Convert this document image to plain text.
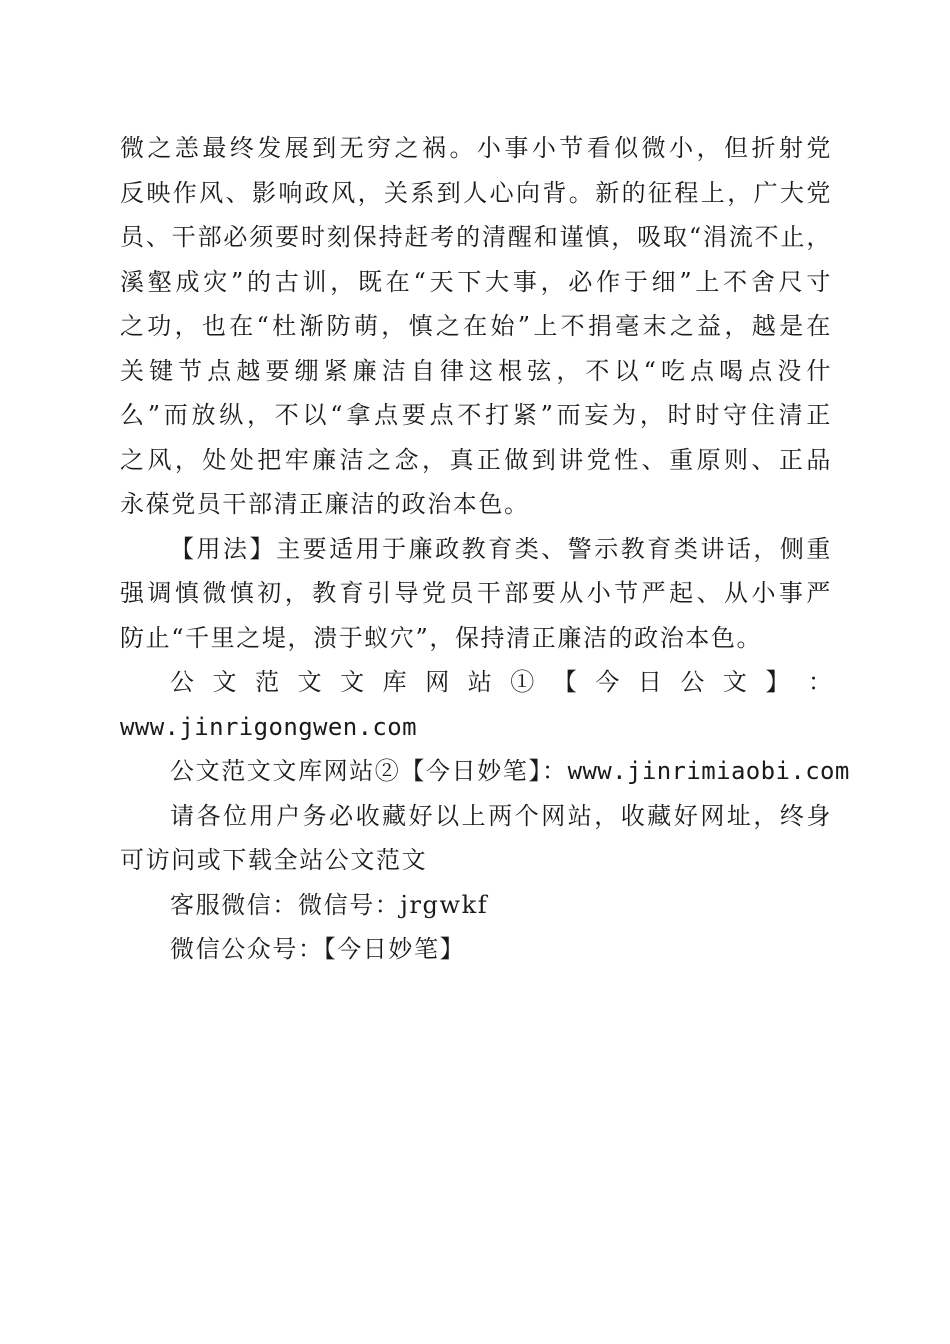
微之恙最终发展到无穷之祸。小事小节看似微小，但折射党
反映作风、影响政风，关系到人心向背。新的征程上，广大党
员、干部必须要时刻保持赶考的清醒和谨慎，吸取“涓流不止，
溪壑成灾”的古训，既在“天下大事，必作于细”上不舍尺寸
之功，也在“杜渐防萌，慎之在始”上不捐毫末之益，越是在
关键节点越要绷紧廉洁自律这根弦，不以“吃点喝点没什
么”而放纵，不以“拿点要点不打紧”而妄为，时时守住清正
之风，处处把牢廉洁之念，真正做到讲党性、重原则、正品
永葆党员干部清正廉洁的政治本色。
【用法】主要适用于廉政教育类、警示教育类讲话，侧重
强调慎微慎初，教育引导党员干部要从小节严起、从小事严
防止“千里之堤，溃于蚁穴”，保持清正廉洁的政治本色。
公 文 范 文 文 库 网 站 ① 【 今 日 公 文 】 ：
www.jinrigongwen.com
公文范文文库网站②【今日妙笔】：www.jinrimiaobi.com
请各位用户务必收藏好以上两个网站，收藏好网址，终身
可访问或下载全站公文范文
客服微信：微信号：jrgwkf
微信公众号：【今日妙笔】
